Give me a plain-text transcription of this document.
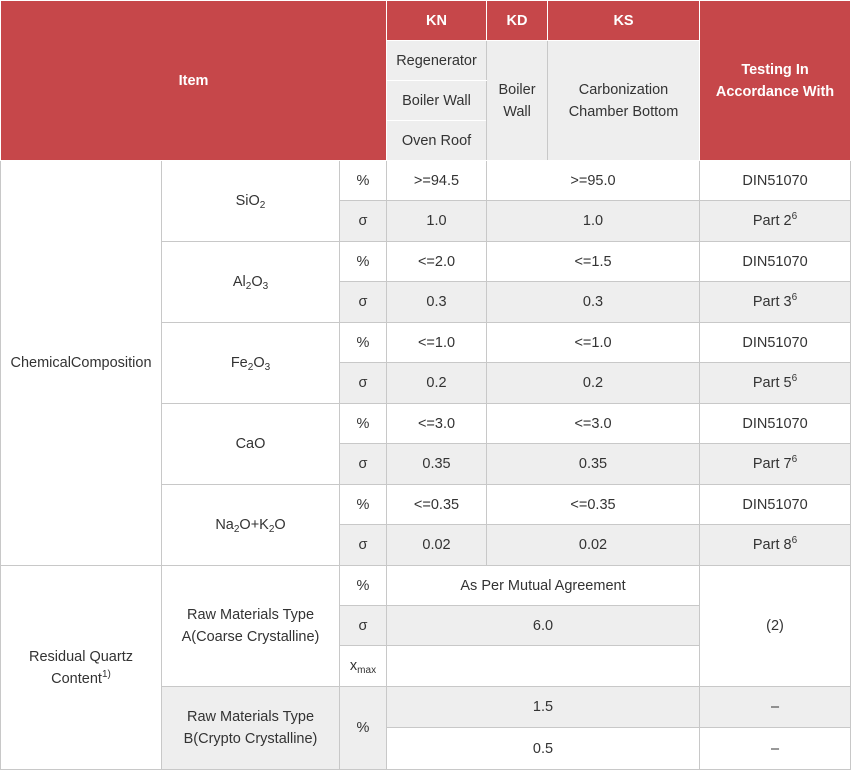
Item			KN	KD	KS	Testing In Accordance With
			Regenerator	Boiler Wall	Carbonization Chamber Bottom	
			Boiler Wall			
			Oven Roof			
ChemicalComposition	SiO$_2$	%	>=94.5	>=95.0		DIN51070
		σ	1.0	1.0		Part $2^6$
	$Al_2O_3$	%	<=2.0	<=1.5		DIN51070
		σ	0.3	0.3		Part $3^6$
	$Fe_2O_3$	%	<=1.0	<=1.0		DIN51070
		σ	0.2	0.2		Part $5^6$
	CaO	%	<=3.0	<=3.0		DIN51070
		σ	0.35	0.35		Part $7^6$
	$Na_2O+K_2O$	%	<=0.35	<=0.35		DIN51070
		σ	0.02	0.02		Part $8^6$
Residual Quartz Content$^{1)}$	Raw Materials Type A(Coarse Crystalline)	%	As Per Mutual Agreement			(2)
		σ	6.0			
		$x_{max}$	
	Raw Materials Type B(Crypto Crystalline)	%	1.5			–
			0.5			–
